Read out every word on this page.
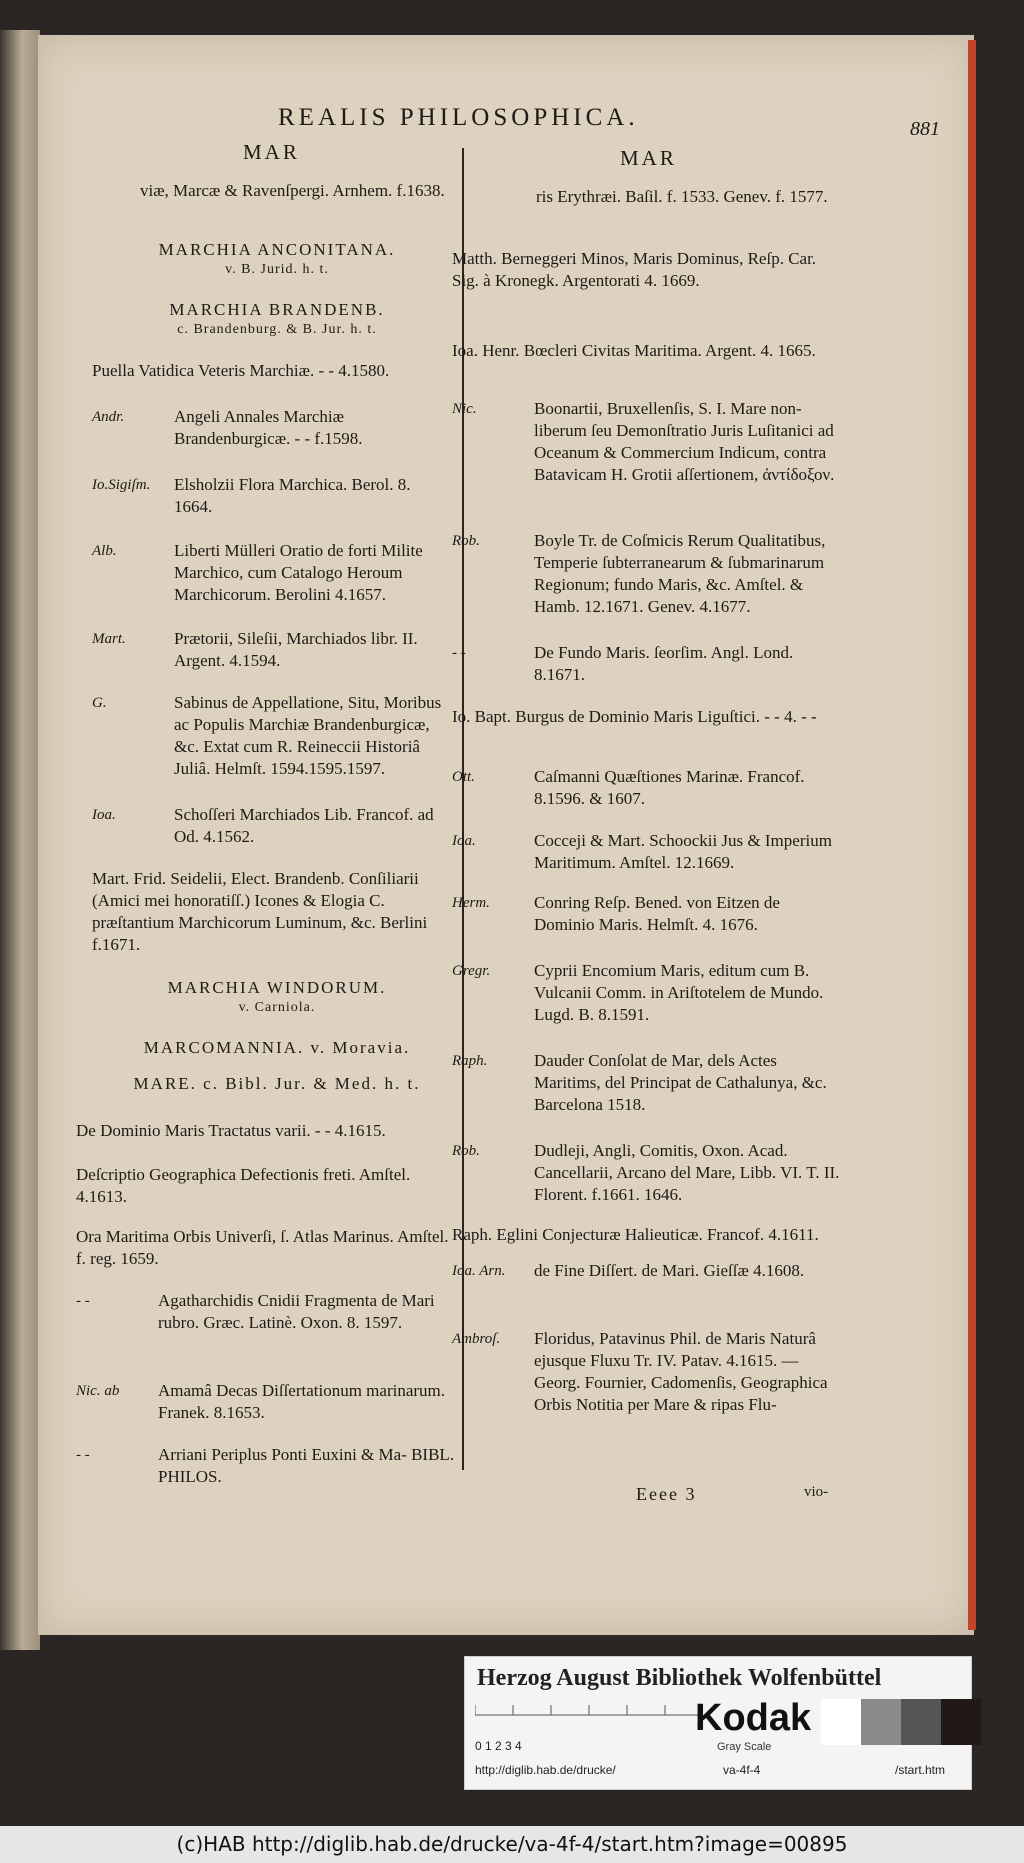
REALIS PHILOSOPHICA.	881
MAR	MAR
viæ, Marcæ & Ravenſpergi. Arnhem. f.1638.
MARCHIA ANCONITANA.
v. B. Jurid. h. t.
MARCHIA BRANDENB.
c. Brandenburg. & B. Jur. h. t.
Puella Vatidica Veteris Marchiæ. - - 4.1580.
Andr.	Angeli Annales Marchiæ Brandenburgicæ. - - f.1598.
Io.Sigiſm.	Elsholzii Flora Marchica. Berol. 8. 1664.
Alb.	Liberti Mülleri Oratio de forti Milite Marchico, cum Catalogo Heroum Marchicorum. Berolini 4.1657.
Mart.	Prætorii, Sileſii, Marchiados libr. II. Argent. 4.1594.
G.	Sabinus de Appellatione, Situ, Moribus ac Populis Marchiæ Brandenburgicæ, &c. Extat cum R. Reineccii Historiâ Juliâ. Helmſt. 1594.1595.1597.
Ioa.	Schoſſeri Marchiados Lib. Francof. ad Od. 4.1562.
Mart. Frid. Seidelii, Elect. Brandenb. Conſiliarii (Amici mei honoratiſſ.) Icones & Elogia C. præſtantium Marchicorum Luminum, &c. Berlini f.1671.
MARCHIA WINDORUM.
v. Carniola.
MARCOMANNIA. v. Moravia.
MARE. c. Bibl. Jur. & Med. h. t.
De Dominio Maris Tractatus varii. - - 4.1615.
Deſcriptio Geographica Defectionis freti. Amſtel. 4.1613.
Ora Maritima Orbis Univerſi, ſ. Atlas Marinus. Amſtel. f. reg. 1659.
- -	Agatharchidis Cnidii Fragmenta de Mari rubro. Græc. Latinè. Oxon. 8. 1597.
Nic. ab	Amamâ Decas Diſſertationum marinarum. Franek. 8.1653.
- -	Arriani Periplus Ponti Euxini & Ma- BIBL. PHILOS.
ris Erythræi. Baſil. f. 1533. Genev. f. 1577.
Matth. Berneggeri Minos, Maris Dominus, Reſp. Car. Sig. à Kronegk. Argentorati 4. 1669.
Ioa. Henr. Bœcleri Civitas Maritima. Argent. 4. 1665.
Nic.	Boonartii, Bruxellenſis, S. I. Mare non-liberum ſeu Demonſtratio Juris Luſitanici ad Oceanum & Commercium Indicum, contra Batavicam H. Grotii aſſertionem, ἀντίδοξον.
Rob.	Boyle Tr. de Coſmicis Rerum Qualitatibus, Temperie ſubterranearum & ſubmarinarum Regionum; fundo Maris, &c. Amſtel. & Hamb. 12.1671. Genev. 4.1677.
- -	De Fundo Maris. ſeorſim. Angl. Lond. 8.1671.
Io. Bapt. Burgus de Dominio Maris Liguſtici. - - 4. - -
Ott.	Caſmanni Quæſtiones Marinæ. Francof. 8.1596. & 1607.
Ioa.	Cocceji & Mart. Schoockii Jus & Imperium Maritimum. Amſtel. 12.1669.
Herm.	Conring Reſp. Bened. von Eitzen de Dominio Maris. Helmſt. 4. 1676.
Gregr.	Cyprii Encomium Maris, editum cum B. Vulcanii Comm. in Ariſtotelem de Mundo. Lugd. B. 8.1591.
Raph.	Dauder Conſolat de Mar, dels Actes Maritims, del Principat de Cathalunya, &c. Barcelona 1518.
Rob.	Dudleji, Angli, Comitis, Oxon. Acad. Cancellarii, Arcano del Mare, Libb. VI. T. II. Florent. f.1661. 1646.
Raph. Eglini Conjecturæ Halieuticæ. Francof. 4.1611.
Ioa. Arn.	de Fine Diſſert. de Mari. Gieſſæ 4.1608.
Ambroſ.	Floridus, Patavinus Phil. de Maris Naturâ ejusque Fluxu Tr. IV. Patav. 4.1615. — Georg. Fournier, Cadomenſis, Geographica Orbis Notitia per Mare & ripas Flu-
Eeee 3	vio-
Herzog August Bibliothek Wolfenbüttel
0 1 2 3 4
Kodak
Gray Scale
http://diglib.hab.de/drucke/	va-4f-4	/start.htm
(c)HAB http://diglib.hab.de/drucke/va-4f-4/start.htm?image=00895
